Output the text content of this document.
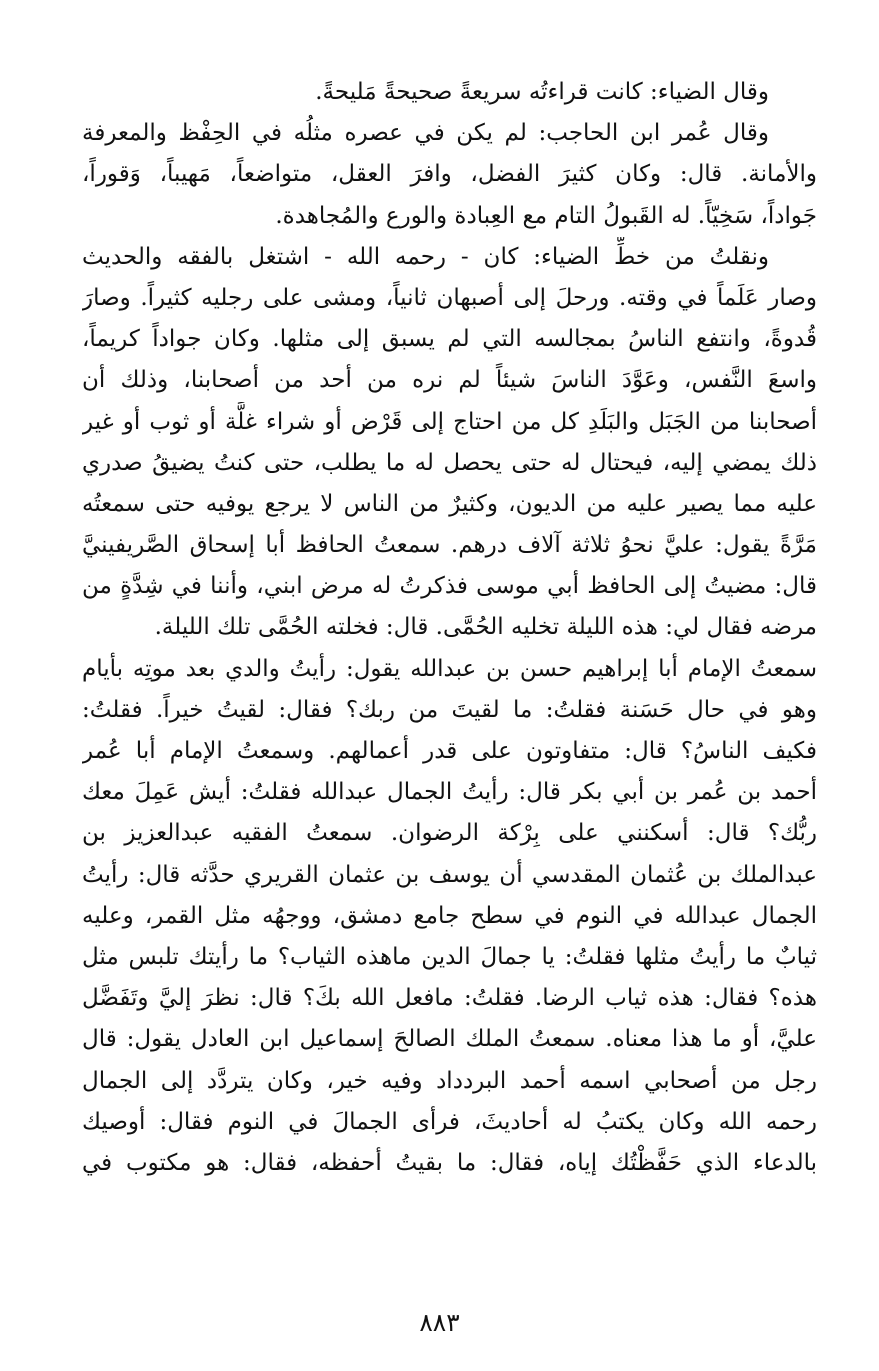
وقال الضياء: كانت قراءتُه سريعةً صحيحةً مَليحةً.
وقال عُمر ابن الحاجب: لم يكن في عصره مثلُه في الحِفْظ والمعرفة
والأمانة. قال: وكان كثيرَ الفضل، وافرَ العقل، متواضعاً، مَهيباً، وَقوراً،
جَواداً، سَخِيّاً. له القَبولُ التام مع العِبادة والورع والمُجاهدة.
ونقلتُ من خطِّ الضياء: كان - رحمه الله - اشتغل بالفقه والحديث
وصار عَلَماً في وقته. ورحلَ إلى أصبهان ثانياً، ومشى على رجليه كثيراً. وصارَ
قُدوةً، وانتفع الناسُ بمجالسه التي لم يسبق إلى مثلها. وكان جواداً كريماً،
واسعَ النَّفس، وعَوَّدَ الناسَ شيئاً لم نره من أحد من أصحابنا، وذلك أن
أصحابنا من الجَبَل والبَلَدِ كل من احتاج إلى قَرْض أو شراء غلَّة أو ثوب أو غير
ذلك يمضي إليه، فيحتال له حتى يحصل له ما يطلب، حتى كنتُ يضيقُ صدري
عليه مما يصير عليه من الديون، وكثيرٌ من الناس لا يرجع يوفيه حتى سمعتُه
مَرَّةً يقول: عليَّ نحوُ ثلاثة آلاف درهم. سمعتُ الحافظ أبا إسحاق الصَّريفينيَّ
قال: مضيتُ إلى الحافظ أبي موسى فذكرتُ له مرض ابني، وأننا في شِدَّةٍ من
مرضه فقال لي: هذه الليلة تخليه الحُمَّى. قال: فخلته الحُمَّى تلك الليلة.
سمعتُ الإمام أبا إبراهيم حسن بن عبدالله يقول: رأيتُ والدي بعد موتِه بأيام
وهو في حال حَسَنة فقلتُ: ما لقيتَ من ربك؟ فقال: لقيتُ خيراً. فقلتُ:
فكيف الناسُ؟ قال: متفاوتون على قدر أعمالهم. وسمعتُ الإمام أبا عُمر
أحمد بن عُمر بن أبي بكر قال: رأيتُ الجمال عبدالله فقلتُ: أيش عَمِلَ معك
ربُّك؟ قال: أسكنني على بِرْكة الرضوان. سمعتُ الفقيه عبدالعزيز بن
عبدالملك بن عُثمان المقدسي أن يوسف بن عثمان القريري حدَّثه قال: رأيتُ
الجمال عبدالله في النوم في سطح جامع دمشق، ووجهُه مثل القمر، وعليه
ثيابٌ ما رأيتُ مثلها فقلتُ: يا جمالَ الدين ماهذه الثياب؟ ما رأيتك تلبس مثل
هذه؟ فقال: هذه ثياب الرضا. فقلتُ: مافعل الله بكَ؟ قال: نظرَ إليَّ وتَفَضَّل
عليَّ، أو ما هذا معناه. سمعتُ الملك الصالحَ إسماعيل ابن العادل يقول: قال
رجل من أصحابي اسمه أحمد البردداد وفيه خير، وكان يتردَّد إلى الجمال
رحمه الله وكان يكتبُ له أحاديثَ، فرأى الجمالَ في النوم فقال: أوصيك
بالدعاء الذي حَفَّظْتُك إياه، فقال: ما بقيتُ أحفظه، فقال: هو مكتوب في
٨٨٣
